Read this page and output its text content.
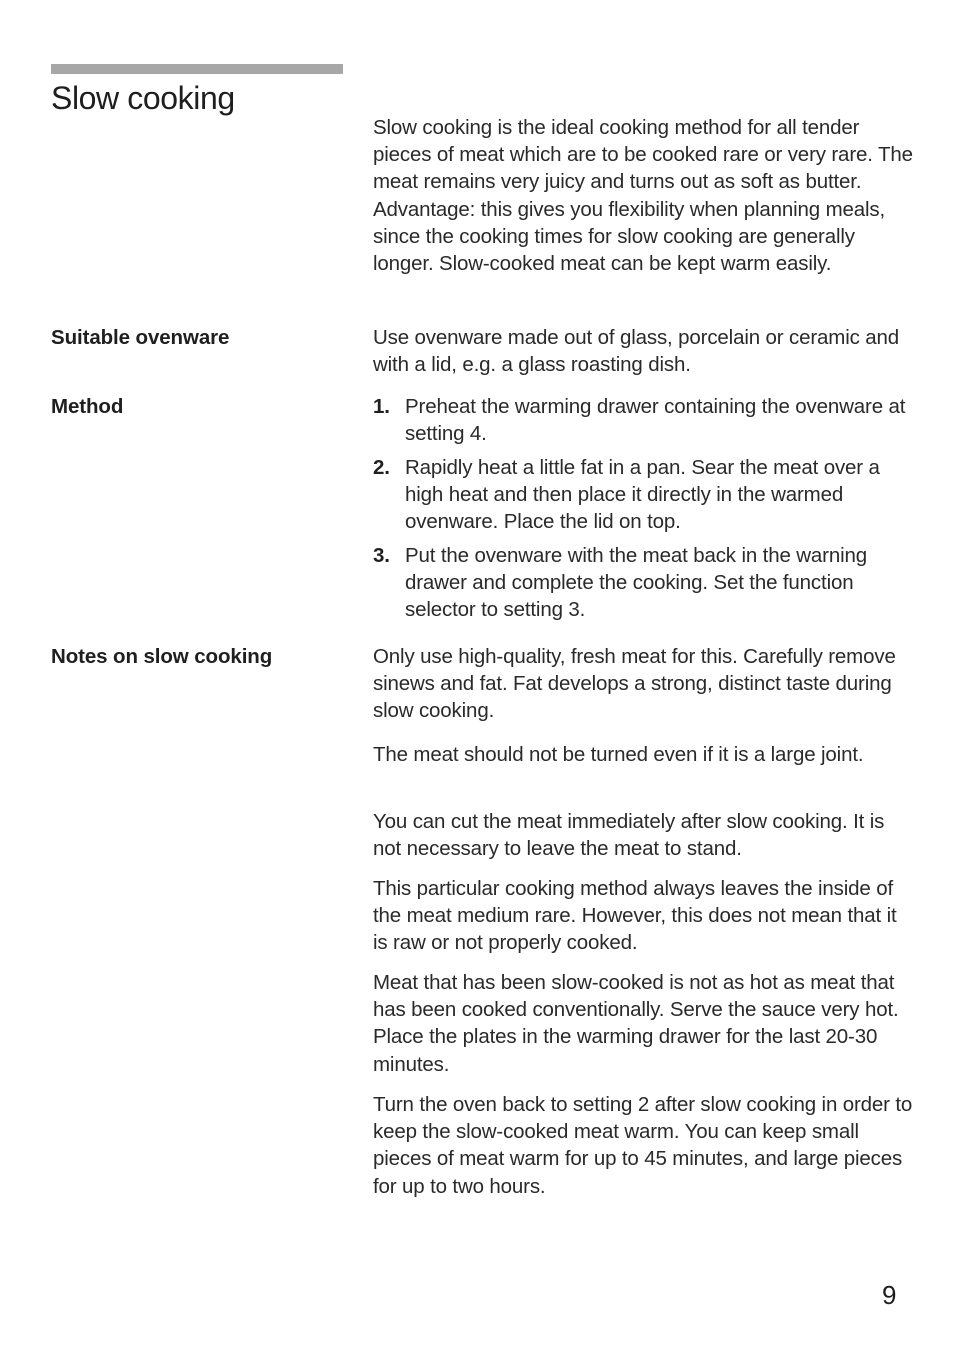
Slow cooking

Slow cooking is the ideal cooking method for all tender pieces of meat which are to be cooked rare or very rare. The meat remains very juicy and turns out as soft as butter. Advantage: this gives you flexibility when planning meals, since the cooking times for slow cooking are generally longer. Slow-cooked meat can be kept warm easily.

Suitable ovenware	Use ovenware made out of glass, porcelain or ceramic and with a lid, e.g. a glass roasting dish.

Method	1. Preheat the warming drawer containing the ovenware at setting 4.
2. Rapidly heat a little fat in a pan. Sear the meat over a high heat and then place it directly in the warmed ovenware. Place the lid on top.
3. Put the ovenware with the meat back in the warning drawer and complete the cooking. Set the function selector to setting 3.
Notes on slow cooking	Only use high-quality, fresh meat for this. Carefully remove sinews and fat. Fat develops a strong, distinct taste during slow cooking.

The meat should not be turned even if it is a large joint.

You can cut the meat immediately after slow cooking. It is not necessary to leave the meat to stand.

This particular cooking method always leaves the inside of the meat medium rare. However, this does not mean that it is raw or not properly cooked.

Meat that has been slow-cooked is not as hot as meat that has been cooked conventionally. Serve the sauce very hot. Place the plates in the warming drawer for the last 20-30 minutes.

Turn the oven back to setting 2 after slow cooking in order to keep the slow-cooked meat warm. You can keep small pieces of meat warm for up to 45 minutes, and large pieces for up to two hours.

9
